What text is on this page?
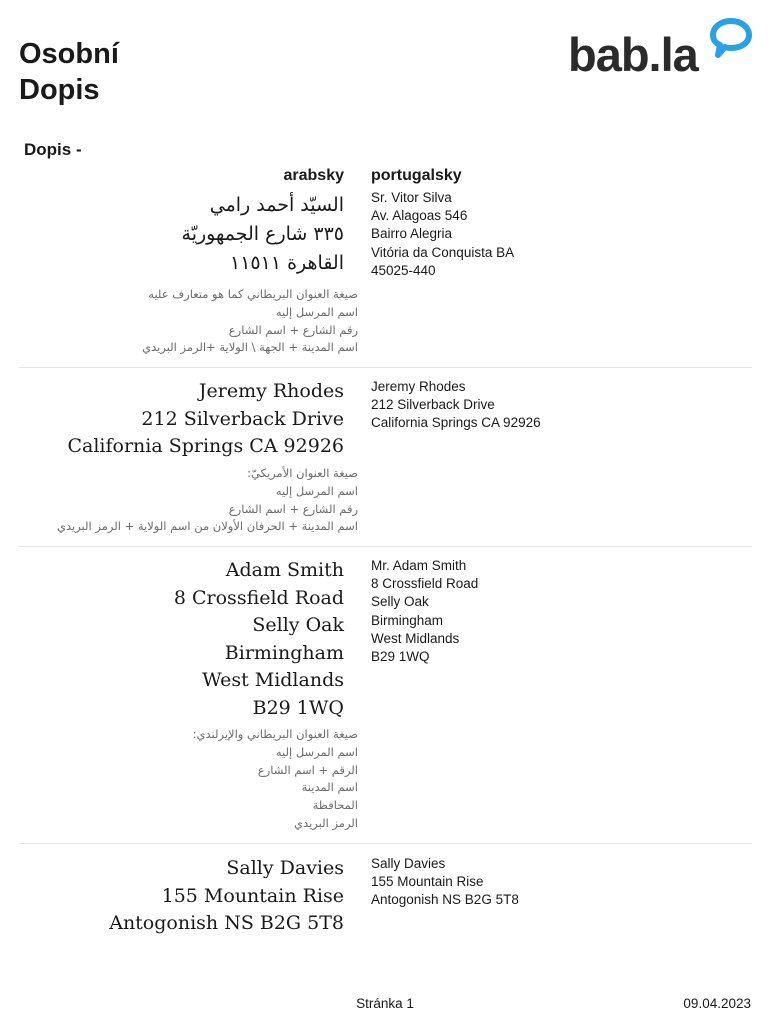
Osobní
Dopis
bab.la
Dopis -
arabsky portugalsky
السيّد أحمد رامي
٣٣٥ شارع الجمهوريّة
القاهرة ١١٥١١
Sr. Vitor Silva
Av. Alagoas 546
Bairro Alegria
Vitória da Conquista BA
45025-440
صيغة العنوان البريطاني كما هو متعارف عليه
اسم المرسل إليه
رقم الشارع + اسم الشارع
اسم المدينة + الجهة \ الولاية +الرمز البريدي
Jeremy Rhodes
212 Silverback Drive
California Springs CA 92926
Jeremy Rhodes
212 Silverback Drive
California Springs CA 92926
صيغة العنوان الأمريكيّ:
اسم المرسل إليه
رقم الشارع + اسم الشارع
اسم المدينة + الحرفان الأولان من اسم الولاية + الرمز البريدي
Adam Smith
8 Crossfield Road
Selly Oak
Birmingham
West Midlands
B29 1WQ
Mr. Adam Smith
8 Crossfield Road
Selly Oak
Birmingham
West Midlands
B29 1WQ
صيغة العنوان البريطاني والإيرلندي:
اسم المرسل إليه
الرقم + اسم الشارع
اسم المدينة
المحافظة
الرمز البريدي
Sally Davies
155 Mountain Rise
Antogonish NS B2G 5T8
Sally Davies
155 Mountain Rise
Antogonish NS B2G 5T8
Stránka 1	09.04.2023
